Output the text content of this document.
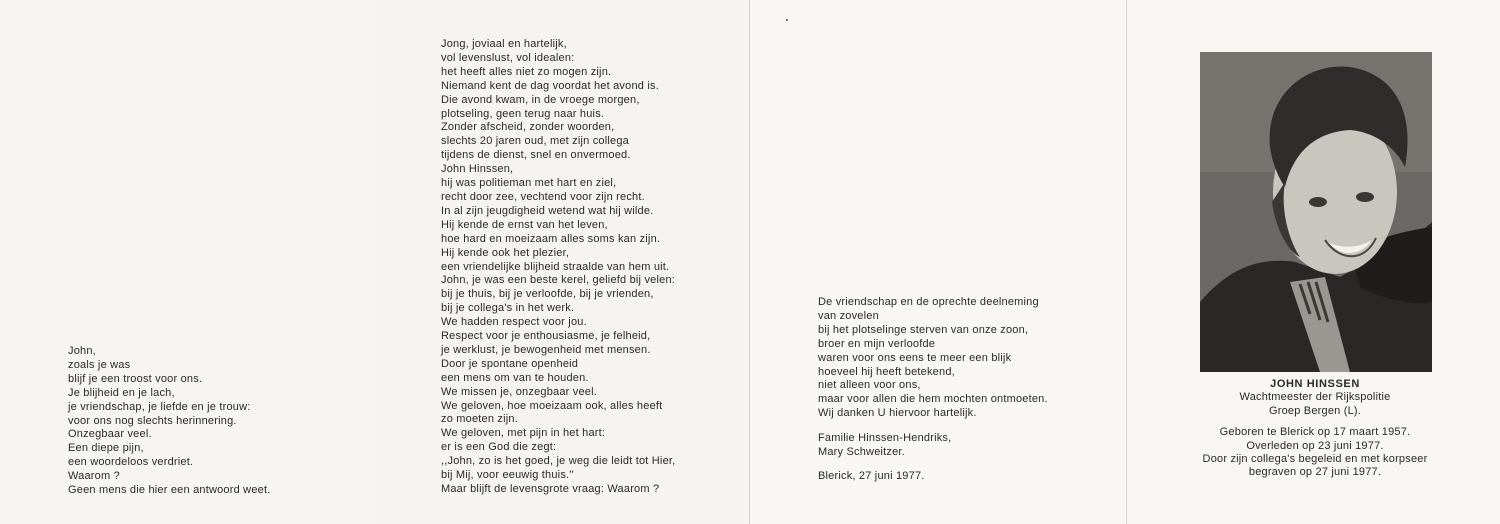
John,
zoals je was
blijf je een troost voor ons.
Je blijheid en je lach,
je vriendschap, je liefde en je trouw:
voor ons nog slechts herinnering.
Onzegbaar veel.
Een diepe pijn,
een woordeloos verdriet.
Waarom ?
Geen mens die hier een antwoord weet.
Jong, joviaal en hartelijk,
vol levenslust, vol idealen:
het heeft alles niet zo mogen zijn.
Niemand kent de dag voordat het avond is.
Die avond kwam, in de vroege morgen,
plotseling, geen terug naar huis.
Zonder afscheid, zonder woorden,
slechts 20 jaren oud, met zijn collega
tijdens de dienst, snel en onvermoed.
John Hinssen,
hij was politieman met hart en ziel,
recht door zee, vechtend voor zijn recht.
In al zijn jeugdigheid wetend wat hij wilde.
Hij kende de ernst van het leven,
hoe hard en moeizaam alles soms kan zijn.
Hij kende ook het plezier,
een vriendelijke blijheid straalde van hem uit.
John, je was een beste kerel, geliefd bij velen:
bij je thuis, bij je verloofde, bij je vrienden,
bij je collega's in het werk.
We hadden respect voor jou.
Respect voor je enthousiasme, je felheid,
je werklust, je bewogenheid met mensen.
Door je spontane openheid
een mens om van te houden.
We missen je, onzegbaar veel.
We geloven, hoe moeizaam ook, alles heeft
zo moeten zijn.
We geloven, met pijn in het hart:
er is een God die zegt:
,,John, zo is het goed, je weg die leidt tot Hier,
bij Mij, voor eeuwig thuis.''
Maar blijft de levensgrote vraag: Waarom ?
De vriendschap en de oprechte deelneming
van zovelen
bij het plotselinge sterven van onze zoon,
broer en mijn verloofde
waren voor ons eens te meer een blijk
hoeveel hij heeft betekend,
niet alleen voor ons,
maar voor allen die hem mochten ontmoeten.
Wij danken U hiervoor hartelijk.
Familie Hinssen-Hendriks,
Mary Schweitzer.
Blerick, 27 juni 1977.
JOHN HINSSEN
Wachtmeester der Rijkspolitie
Groep Bergen (L).
Geboren te Blerick op 17 maart 1957.
Overleden op 23 juni 1977.
Door zijn collega's begeleid en met korpseer
begraven op 27 juni 1977.
